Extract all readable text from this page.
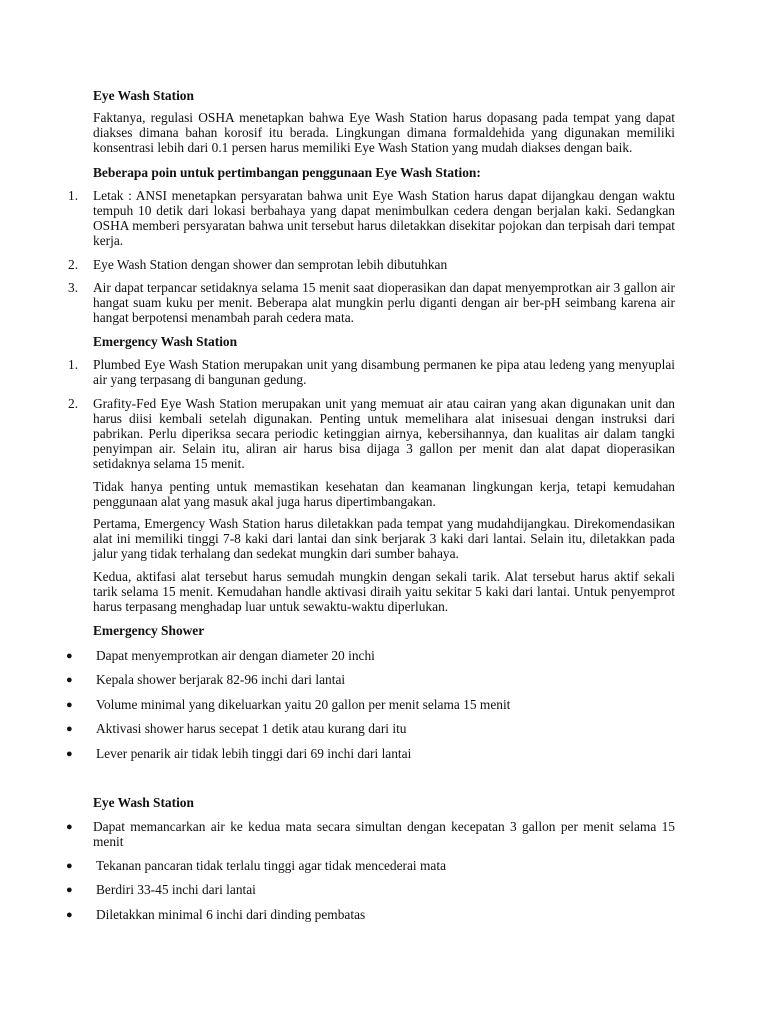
Eye Wash Station

Faktanya, regulasi OSHA menetapkan bahwa Eye Wash Station harus dopasang pada tempat yang dapat diakses dimana bahan korosif itu berada. Lingkungan dimana formaldehida yang digunakan memiliki konsentrasi lebih dari 0.1 persen harus memiliki Eye Wash Station yang mudah diakses dengan baik.

Beberapa poin untuk pertimbangan penggunaan Eye Wash Station:

1. Letak : ANSI menetapkan persyaratan bahwa unit Eye Wash Station harus dapat dijangkau dengan waktu tempuh 10 detik dari lokasi berbahaya yang dapat menimbulkan cedera dengan berjalan kaki. Sedangkan OSHA memberi persyaratan bahwa unit tersebut harus diletakkan disekitar pojokan dan terpisah dari tempat kerja.

2. Eye Wash Station dengan shower dan semprotan lebih dibutuhkan

3. Air dapat terpancar setidaknya selama 15 menit saat dioperasikan dan dapat menyemprotkan air 3 gallon air hangat suam kuku per menit. Beberapa alat mungkin perlu diganti dengan air ber-pH seimbang karena air hangat berpotensi menambah parah cedera mata.

Emergency Wash Station

1. Plumbed Eye Wash Station merupakan unit yang disambung permanen ke pipa atau ledeng yang menyuplai air yang terpasang di bangunan gedung.

2. Grafity-Fed Eye Wash Station merupakan unit yang memuat air atau cairan yang akan digunakan unit dan harus diisi kembali setelah digunakan. Penting untuk memelihara alat inisesuai dengan instruksi dari pabrikan. Perlu diperiksa secara periodic ketinggian airnya, kebersihannya, dan kualitas air dalam tangki penyimpan air. Selain itu, aliran air harus bisa dijaga 3 gallon per menit dan alat dapat dioperasikan setidaknya selama 15 menit.

Tidak hanya penting untuk memastikan kesehatan dan keamanan lingkungan kerja, tetapi kemudahan penggunaan alat yang masuk akal juga harus dipertimbangakan.

Pertama, Emergency Wash Station harus diletakkan pada tempat yang mudahdijangkau. Direkomendasikan alat ini memiliki tinggi 7-8 kaki dari lantai dan sink berjarak 3 kaki dari lantai. Selain itu, diletakkan pada jalur yang tidak terhalang dan sedekat mungkin dari sumber bahaya.

Kedua, aktifasi alat tersebut harus semudah mungkin dengan sekali tarik. Alat tersebut harus aktif sekali tarik selama 15 menit. Kemudahan handle aktivasi diraih yaitu sekitar 5 kaki dari lantai. Untuk penyemprot harus terpasang menghadap luar untuk sewaktu-waktu diperlukan.

Emergency Shower

● Dapat menyemprotkan air dengan diameter 20 inchi

● Kepala shower berjarak 82-96 inchi dari lantai

● Volume minimal yang dikeluarkan yaitu 20 gallon per menit selama 15 menit

● Aktivasi shower harus secepat 1 detik atau kurang dari itu

● Lever penarik air tidak lebih tinggi dari 69 inchi dari lantai

Eye Wash Station

● Dapat memancarkan air ke kedua mata secara simultan dengan kecepatan 3 gallon per menit selama 15 menit

● Tekanan pancaran tidak terlalu tinggi agar tidak mencederai mata

● Berdiri 33-45 inchi dari lantai

● Diletakkan minimal 6 inchi dari dinding pembatas
